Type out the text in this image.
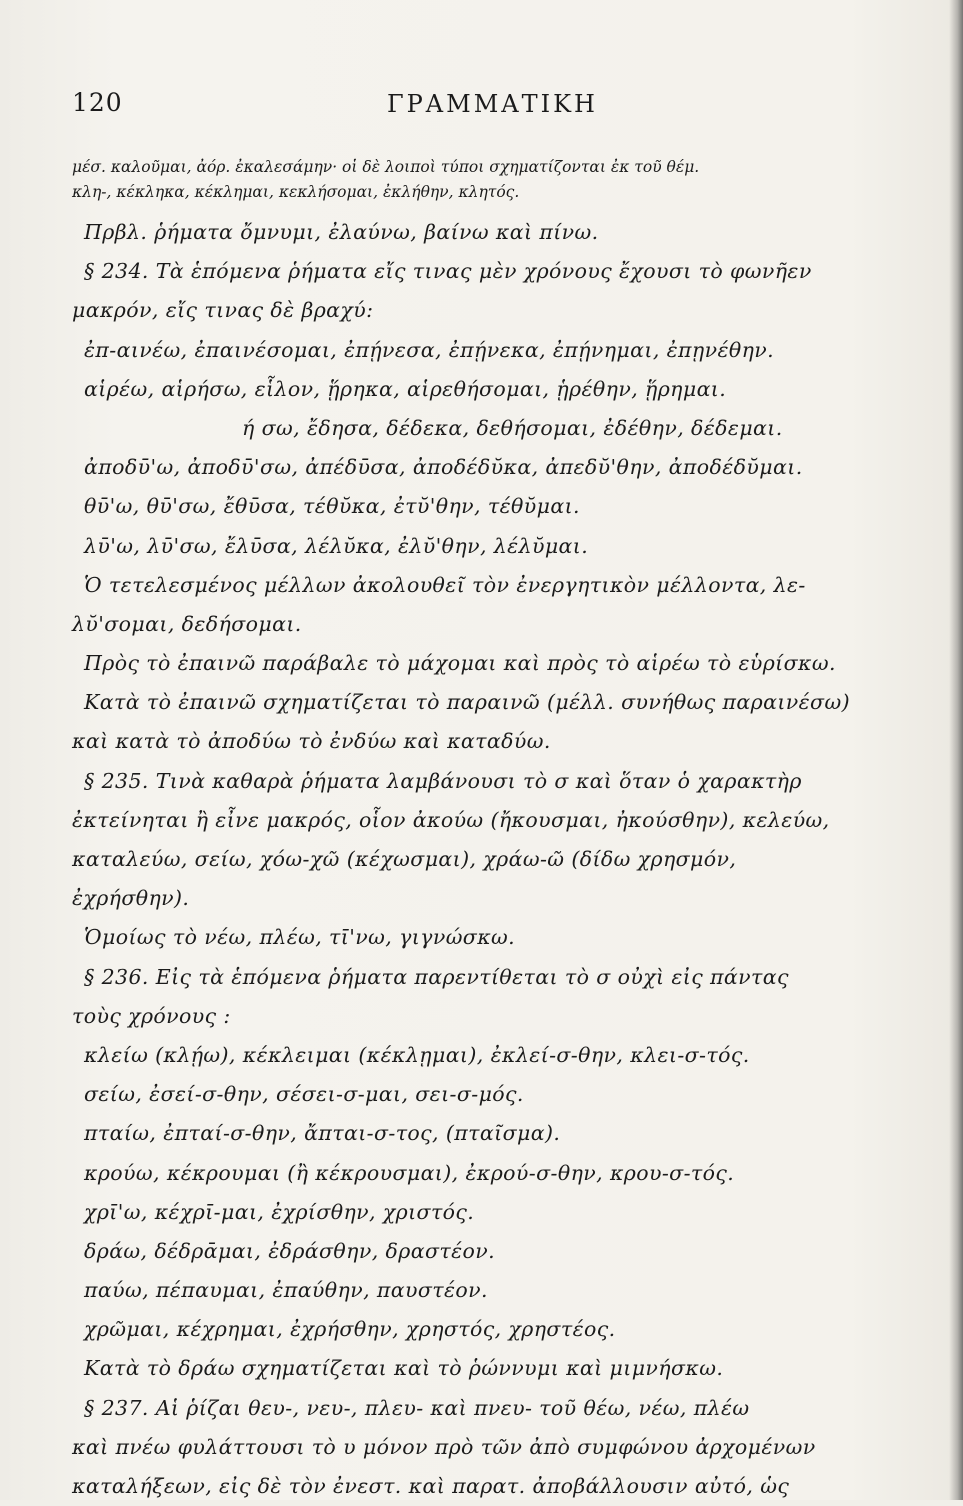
120	ΓΡΑΜΜΑΤΙΚΗ
μέσ. καλοῦμαι, ἀόρ. ἐκαλεσάμην· οἱ δὲ λοιποὶ τύποι σχηματίζονται ἐκ τοῦ θέμ.
κλη-, κέκληκα, κέκλημαι, κεκλήσομαι, ἐκλήθην, κλητός.
Πρβλ. ῥήματα ὄμνυμι, ἐλαύνω, βαίνω καὶ πίνω.
§ 234. Τὰ ἑπόμενα ῥήματα εἴς τινας μὲν χρόνους ἔχουσι τὸ φωνῆεν
μακρόν, εἴς τινας δὲ βραχύ:
ἐπ-αινέω, ἐπαινέσομαι, ἐπῄνεσα, ἐπῄνεκα, ἐπῄνημαι, ἐπῃνέθην.
αἱρέω, αἱρήσω, εἷλον, ᾕρηκα, αἱρεθήσομαι, ᾑρέθην, ᾕρημαι.
ή σω, ἔδησα, δέδεκα, δεθήσομαι, ἐδέθην, δέδεμαι.
ἀποδῡ'ω, ἀποδῡ'σω, ἀπέδῡσα, ἀποδέδῠκα, ἀπεδῠ'θην, ἀποδέδῠμαι.
θῡ'ω, θῡ'σω, ἔθῡσα, τέθῠκα, ἐτῠ'θην, τέθῠμαι.
λῡ'ω, λῡ'σω, ἔλῡσα, λέλῠκα, ἐλῠ'θην, λέλῠμαι.
Ὁ τετελεσμένος μέλλων ἀκολουθεῖ τὸν ἐνεργητικὸν μέλλοντα, λε-
λῠ'σομαι, δεδήσομαι.
Πρὸς τὸ ἐπαινῶ παράβαλε τὸ μάχομαι καὶ πρὸς τὸ αἱρέω τὸ εὑρίσκω.
Κατὰ τὸ ἐπαινῶ σχηματίζεται τὸ παραινῶ (μέλλ. συνήθως παραινέσω)
καὶ κατὰ τὸ ἀποδύω τὸ ἐνδύω καὶ καταδύω.
§ 235. Τινὰ καθαρὰ ῥήματα λαμβάνουσι τὸ σ καὶ ὅταν ὁ χαρακτὴρ
ἐκτείνηται ἢ εἶνε μακρός, οἷον ἀκούω (ἤκουσμαι, ἠκούσθην), κελεύω,
καταλεύω, σείω, χόω-χῶ (κέχωσμαι), χράω-ῶ (δίδω χρησμόν,
ἐχρήσθην).
Ὁμοίως τὸ νέω, πλέω, τῑ'νω, γιγνώσκω.
§ 236. Εἰς τὰ ἑπόμενα ῥήματα παρεντίθεται τὸ σ οὐχὶ εἰς πάντας
τοὺς χρόνους :
κλείω (κλῄω), κέκλειμαι (κέκλῃμαι), ἐκλεί-σ-θην, κλει-σ-τός.
σείω, ἐσεί-σ-θην, σέσει-σ-μαι, σει-σ-μός.
πταίω, ἐπταί-σ-θην, ἄπται-σ-τος, (πταῖσμα).
κρούω, κέκρουμαι (ἢ κέκρουσμαι), ἐκρού-σ-θην, κρου-σ-τός.
χρῑ'ω, κέχρῑ-μαι, ἐχρίσθην, χριστός.
δράω, δέδρᾱμαι, ἐδράσθην, δραστέον.
παύω, πέπαυμαι, ἐπαύθην, παυστέον.
χρῶμαι, κέχρημαι, ἐχρήσθην, χρηστός, χρηστέος.
Κατὰ τὸ δράω σχηματίζεται καὶ τὸ ῥώννυμι καὶ μιμνήσκω.
§ 237. Αἱ ῥίζαι θευ-, νευ-, πλευ- καὶ πνευ- τοῦ θέω, νέω, πλέω
καὶ πνέω φυλάττουσι τὸ υ μόνον πρὸ τῶν ἀπὸ συμφώνου ἀρχομένων
καταλήξεων, εἰς δὲ τὸν ἐνεστ. καὶ παρατ. ἀποβάλλουσιν αὐτό, ὡς
